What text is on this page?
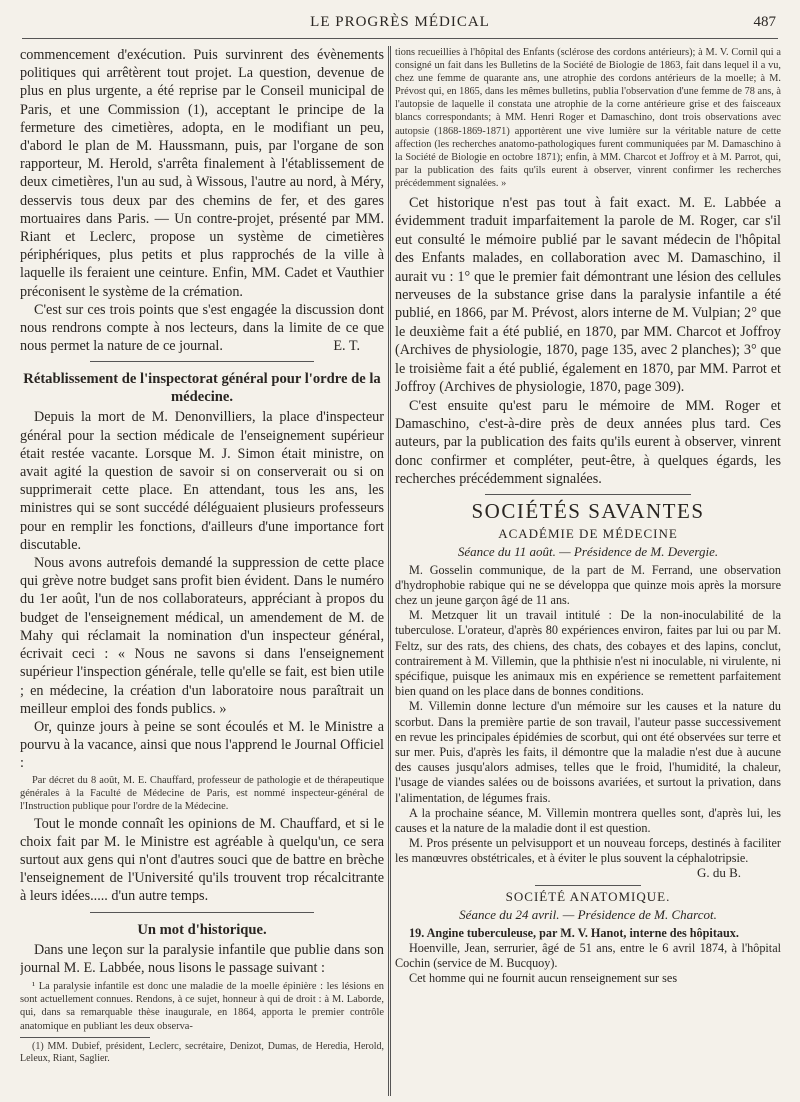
LE PROGRÈS MÉDICAL	487

commencement d'exécution. Puis survinrent des évènements politiques qui arrêtèrent tout projet. La question, devenue de plus en plus urgente, a été reprise par le Conseil municipal de Paris, et une Commission (1), acceptant le principe de la fermeture des cimetières, adopta, en le modifiant un peu, d'abord le plan de M. Haussmann, puis, par l'organe de son rapporteur, M. Herold, s'arrêta finalement à l'établissement de deux cimetières, l'un au sud, à Wissous, l'autre au nord, à Méry, desservis tous deux par des chemins de fer, et des gares mortuaires dans Paris. — Un contre-projet, présenté par MM. Riant et Leclerc, propose un système de cimetières périphériques, plus petits et plus rapprochés de la ville à laquelle ils feraient une ceinture. Enfin, MM. Cadet et Vauthier préconisent le système de la crémation.

C'est sur ces trois points que s'est engagée la discussion dont nous rendrons compte à nos lecteurs, dans la limite de ce que nous permet la nature de ce journal.	E. T.

Rétablissement de l'inspectorat général pour l'ordre de la médecine.

Depuis la mort de M. Denonvilliers, la place d'inspecteur général pour la section médicale de l'enseignement supérieur était restée vacante. Lorsque M. J. Simon était ministre, on avait agité la question de savoir si on conserverait ou si on supprimerait cette place. En attendant, tous les ans, les ministres qui se sont succédé déléguaient plusieurs professeurs pour en remplir les fonctions, d'ailleurs d'une importance fort discutable.

Nous avons autrefois demandé la suppression de cette place qui grève notre budget sans profit bien évident. Dans le numéro du 1er août, l'un de nos collaborateurs, appréciant à propos du budget de l'enseignement médical, un amendement de M. de Mahy qui réclamait la nomination d'un inspecteur général, écrivait ceci : « Nous ne savons si dans l'enseignement supérieur l'inspection générale, telle qu'elle se fait, est bien utile ; en médecine, la création d'un laboratoire nous paraîtrait un meilleur emploi des fonds publics. »

Or, quinze jours à peine se sont écoulés et M. le Ministre a pourvu à la vacance, ainsi que nous l'apprend le Journal Officiel :

Par décret du 8 août, M. E. Chauffard, professeur de pathologie et de thérapeutique générales à la Faculté de Médecine de Paris, est nommé inspecteur-général de l'Instruction publique pour l'ordre de la Médecine.

Tout le monde connaît les opinions de M. Chauffard, et si le choix fait par M. le Ministre est agréable à quelqu'un, ce sera surtout aux gens qui n'ont d'autres souci que de battre en brèche l'enseignement de l'Université qu'ils trouvent trop récalcitrante à leurs idées..... d'un autre temps.

Un mot d'historique.

Dans une leçon sur la paralysie infantile que publie dans son journal M. E. Labbée, nous lisons le passage suivant :

¹ La paralysie infantile est donc une maladie de la moelle épinière : les lésions en sont actuellement connues. Rendons, à ce sujet, honneur à qui de droit : à M. Laborde, qui, dans sa remarquable thèse inaugurale, en 1864, apporta le premier contrôle anatomique en publiant les deux observa-

(1) MM. Dubief, président, Leclerc, secrétaire, Denizot, Dumas, de Heredia, Herold, Leleux, Riant, Saglier.

tions recueillies à l'hôpital des Enfants (sclérose des cordons antérieurs); à M. V. Cornil qui a consigné un fait dans les Bulletins de la Société de Biologie de 1863, fait dans lequel il a vu, chez une femme de quarante ans, une atrophie des cordons antérieurs de la moelle; à M. Prévost qui, en 1865, dans les mêmes bulletins, publia l'observation d'une femme de 78 ans, à l'autopsie de laquelle il constata une atrophie de la corne antérieure grise et des faisceaux blancs correspondants; à MM. Henri Roger et Damaschino, dont trois observations avec autopsie (1868-1869-1871) apportèrent une vive lumière sur la véritable nature de cette affection (les recherches anatomo-pathologiques furent communiquées par M. Damaschino à la Société de Biologie en octobre 1871); enfin, à MM. Charcot et Joffroy et à M. Parrot, qui, par la publication des faits qu'ils eurent à observer, vinrent confirmer les recherches précédemment signalées. »

Cet historique n'est pas tout à fait exact. M. E. Labbée a évidemment traduit imparfaitement la parole de M. Roger, car s'il eut consulté le mémoire publié par le savant médecin de l'hôpital des Enfants malades, en collaboration avec M. Damaschino, il aurait vu : 1° que le premier fait démontrant une lésion des cellules nerveuses de la substance grise dans la paralysie infantile a été publié, en 1866, par M. Prévost, alors interne de M. Vulpian; 2° que le deuxième fait a été publié, en 1870, par MM. Charcot et Joffroy (Archives de physiologie, 1870, page 135, avec 2 planches); 3° que le troisième fait a été publié, également en 1870, par MM. Parrot et Joffroy (Archives de physiologie, 1870, page 309).

C'est ensuite qu'est paru le mémoire de MM. Roger et Damaschino, c'est-à-dire près de deux années plus tard. Ces auteurs, par la publication des faits qu'ils eurent à observer, vinrent donc confirmer et compléter, peut-être, à quelques égards, les recherches précédemment signalées.

SOCIÉTÉS SAVANTES
ACADÉMIE DE MÉDECINE
Séance du 11 août. — Présidence de M. Devergie.

M. Gosselin communique, de la part de M. Ferrand, une observation d'hydrophobie rabique qui ne se développa que quinze mois après la morsure chez un jeune garçon âgé de 11 ans.

M. Metzquer lit un travail intitulé : De la non-inoculabilité de la tuberculose. L'orateur, d'après 80 expériences environ, faites par lui ou par M. Feltz, sur des rats, des chiens, des chats, des cobayes et des lapins, conclut, contrairement à M. Villemin, que la phthisie n'est ni inoculable, ni virulente, ni spécifique, puisque les animaux mis en expérience se remettent parfaitement bien quand on les place dans de bonnes conditions.

M. Villemin donne lecture d'un mémoire sur les causes et la nature du scorbut. Dans la première partie de son travail, l'auteur passe successivement en revue les principales épidémies de scorbut, qui ont été observées sur terre et sur mer. Puis, d'après les faits, il démontre que la maladie n'est due à aucune des causes jusqu'alors admises, telles que le froid, l'humidité, la chaleur, l'usage de viandes salées ou de boissons avariées, et surtout la privation, dans l'alimentation, de légumes frais.

A la prochaine séance, M. Villemin montrera quelles sont, d'après lui, les causes et la nature de la maladie dont il est question.

M. Pros présente un pelvisupport et un nouveau forceps, destinés à faciliter les manœuvres obstétricales, et à éviter le plus souvent la céphalotripsie.

G. du B.
SOCIÉTÉ ANATOMIQUE.
Séance du 24 avril. — Présidence de M. Charcot.

19. Angine tuberculeuse, par M. V. Hanot, interne des hôpitaux.

Hoenville, Jean, serrurier, âgé de 51 ans, entre le 6 avril 1874, à l'hôpital Cochin (service de M. Bucquoy).

Cet homme qui ne fournit aucun renseignement sur ses
